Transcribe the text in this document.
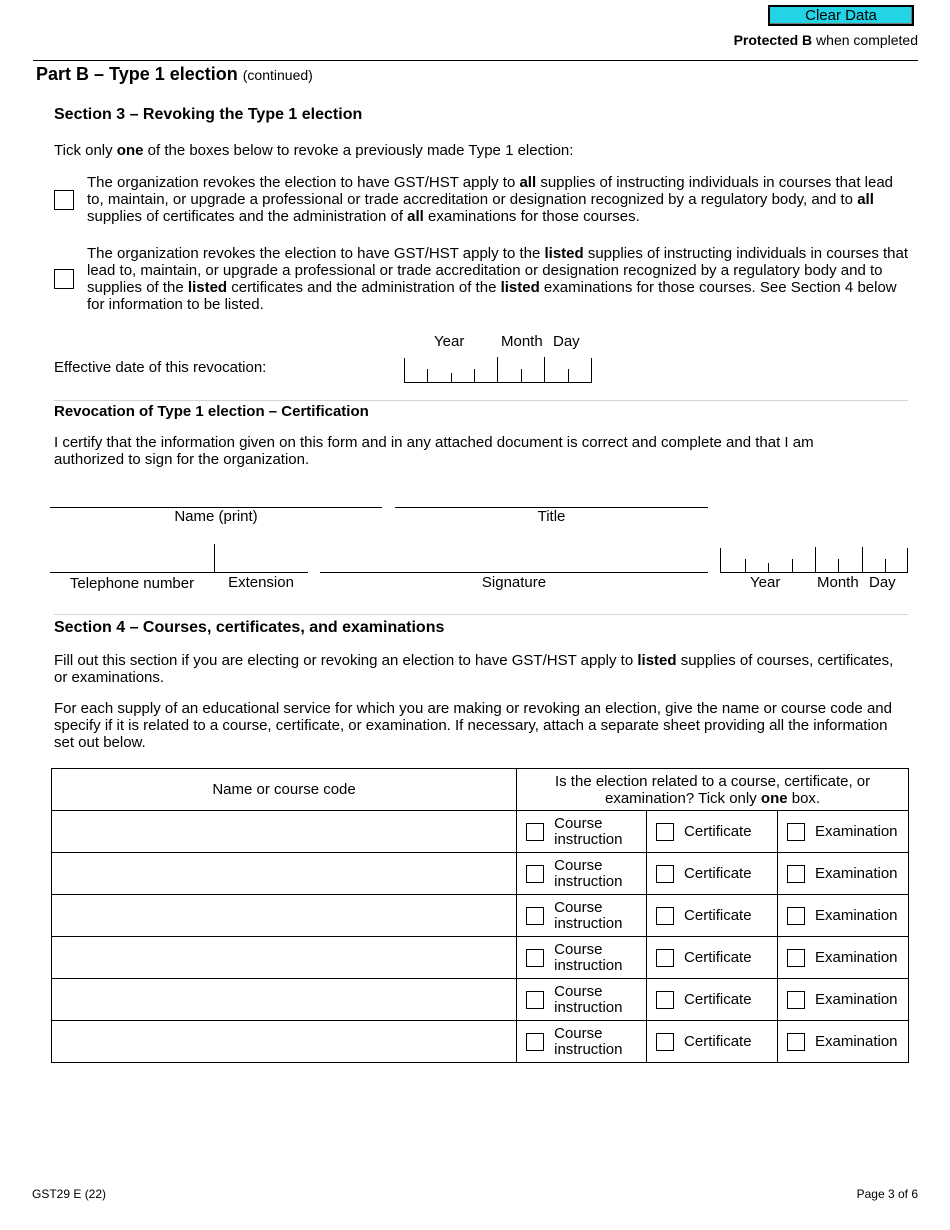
Clear Data
Protected B when completed
Part B – Type 1 election (continued)
Section 3 – Revoking the Type 1 election
Tick only one of the boxes below to revoke a previously made Type 1 election:
The organization revokes the election to have GST/HST apply to all supplies of instructing individuals in courses that lead to, maintain, or upgrade a professional or trade accreditation or designation recognized by a regulatory body, and to all supplies of certificates and the administration of all examinations for those courses.
The organization revokes the election to have GST/HST apply to the listed supplies of instructing individuals in courses that lead to, maintain, or upgrade a professional or trade accreditation or designation recognized by a regulatory body and to supplies of the listed certificates and the administration of the listed examinations for those courses. See Section 4 below for information to be listed.
Year Month Day
Effective date of this revocation:
Revocation of Type 1 election – Certification
I certify that the information given on this form and in any attached document is correct and complete and that I am authorized to sign for the organization.
Name (print)	Title
Telephone number	Extension	Signature	Year Month Day
Section 4 – Courses, certificates, and examinations
Fill out this section if you are electing or revoking an election to have GST/HST apply to listed supplies of courses, certificates, or examinations.
For each supply of an educational service for which you are making or revoking an election, give the name or course code and specify if it is related to a course, certificate, or examination. If necessary, attach a separate sheet providing all the information set out below.
Name or course code	Is the election related to a course, certificate, or examination? Tick only one box.		

	Course
instruction	Certificate	Examination

	Course
instruction	Certificate	Examination

	Course
instruction	Certificate	Examination

	Course
instruction	Certificate	Examination

	Course
instruction	Certificate	Examination

	Course
instruction	Certificate	Examination
GST29 E (22)	Page 3 of 6
